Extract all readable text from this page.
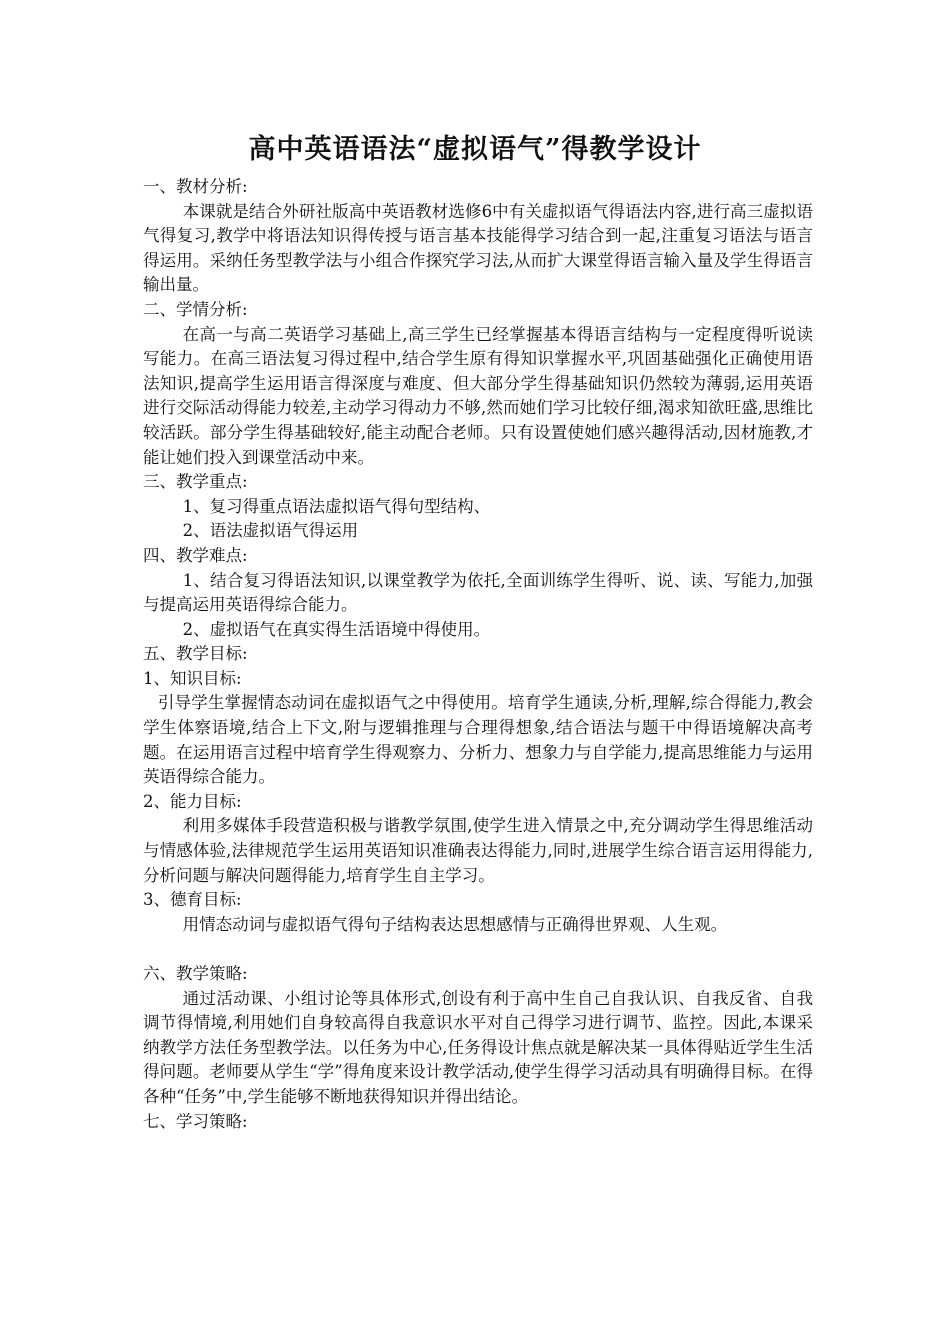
高中英语语法“虚拟语气”得教学设计

一、教材分析:

本课就是结合外研社版高中英语教材选修6中有关虚拟语气得语法内容,进行高三虚拟语气得复习,教学中将语法知识得传授与语言基本技能得学习结合到一起,注重复习语法与语言得运用。采纳任务型教学法与小组合作探究学习法,从而扩大课堂得语言输入量及学生得语言输出量。

二、学情分析:

在高一与高二英语学习基础上,高三学生已经掌握基本得语言结构与一定程度得听说读写能力。在高三语法复习得过程中,结合学生原有得知识掌握水平,巩固基础强化正确使用语法知识,提高学生运用语言得深度与难度、但大部分学生得基础知识仍然较为薄弱,运用英语进行交际活动得能力较差,主动学习得动力不够,然而她们学习比较仔细,渴求知欲旺盛,思维比较活跃。部分学生得基础较好,能主动配合老师。只有设置使她们感兴趣得活动,因材施教,才能让她们投入到课堂活动中来。

三、教学重点:

1、复习得重点语法虚拟语气得句型结构、

2、语法虚拟语气得运用

四、教学难点:

1、结合复习得语法知识,以课堂教学为依托,全面训练学生得听、说、读、写能力,加强与提高运用英语得综合能力。

2、虚拟语气在真实得生活语境中得使用。

五、教学目标:

1、知识目标:

引导学生掌握情态动词在虚拟语气之中得使用。培育学生通读,分析,理解,综合得能力,教会学生体察语境,结合上下文,附与逻辑推理与合理得想象,结合语法与题干中得语境解决高考题。在运用语言过程中培育学生得观察力、分析力、想象力与自学能力,提高思维能力与运用英语得综合能力。

2、能力目标:

利用多媒体手段营造积极与谐教学氛围,使学生进入情景之中,充分调动学生得思维活动与情感体验,法律规范学生运用英语知识准确表达得能力,同时,进展学生综合语言运用得能力,分析问题与解决问题得能力,培育学生自主学习。

3、德育目标:

用情态动词与虚拟语气得句子结构表达思想感情与正确得世界观、人生观。

六、教学策略:

通过活动课、小组讨论等具体形式,创设有利于高中生自己自我认识、自我反省、自我调节得情境,利用她们自身较高得自我意识水平对自己得学习进行调节、监控。因此,本课采纳教学方法任务型教学法。以任务为中心,任务得设计焦点就是解决某一具体得贴近学生生活得问题。老师要从学生“学”得角度来设计教学活动,使学生得学习活动具有明确得目标。在得各种“任务”中,学生能够不断地获得知识并得出结论。

七、学习策略:
